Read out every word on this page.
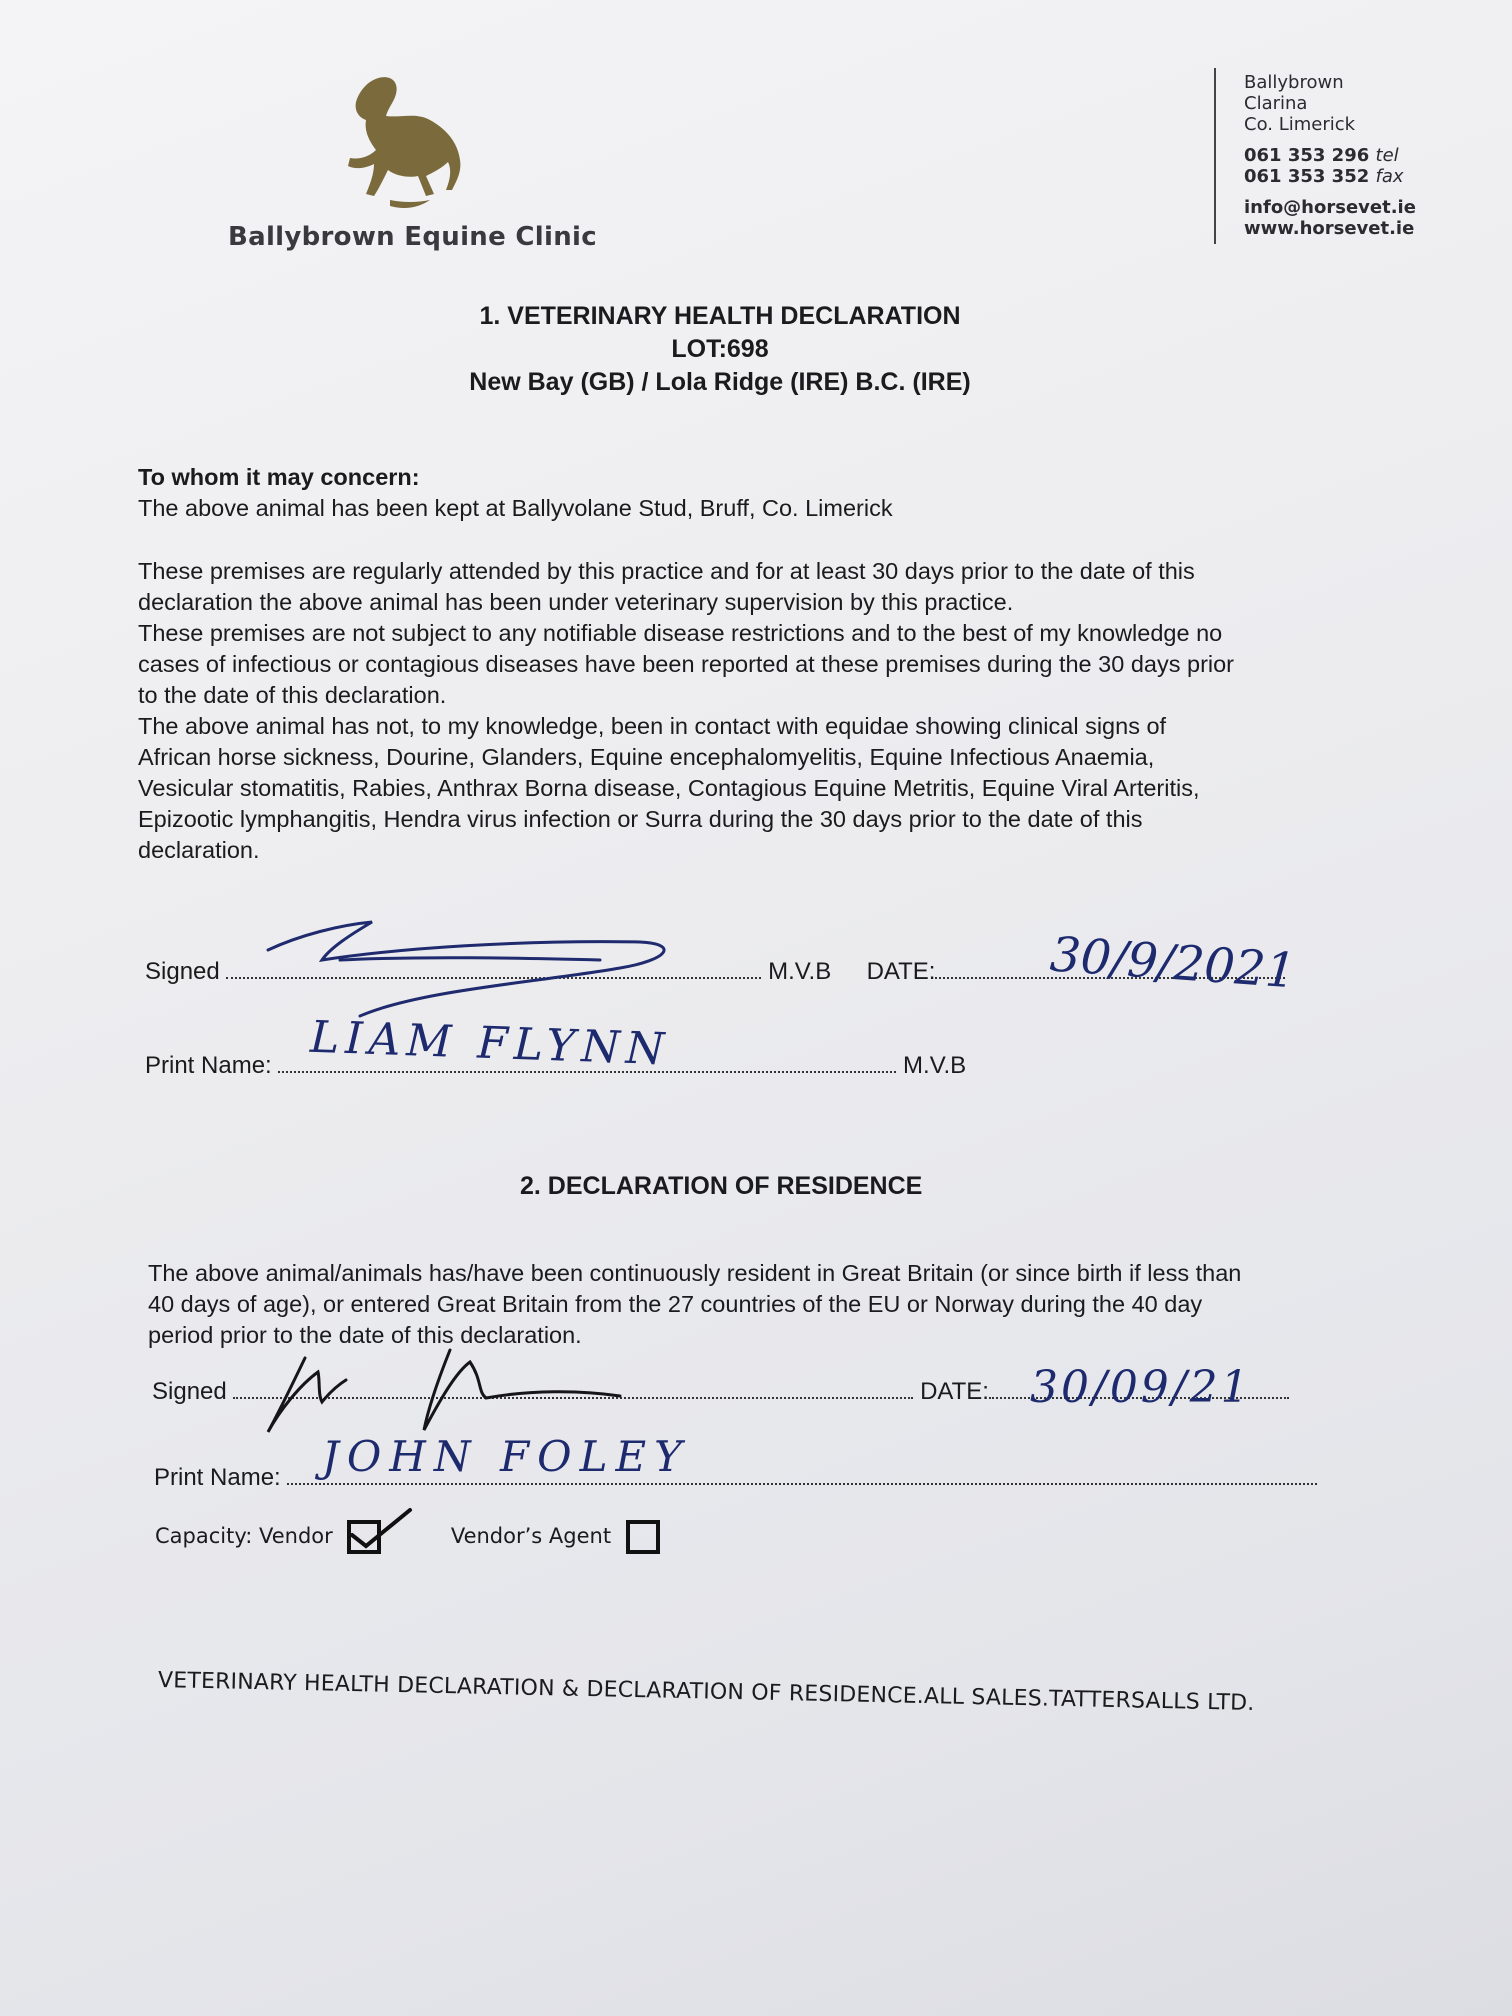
Ballybrown Equine Clinic
Ballybrown
Clarina
Co. Limerick
061 353 296 tel
061 353 352 fax
info@horsevet.ie
www.horsevet.ie
1. VETERINARY HEALTH DECLARATION
LOT:698
New Bay (GB) / Lola Ridge (IRE) B.C. (IRE)
To whom it may concern:
The above animal has been kept at Ballyvolane Stud, Bruff, Co. Limerick
These premises are regularly attended by this practice and for at least 30 days prior to the date of this
declaration the above animal has been under veterinary supervision by this practice.
These premises are not subject to any notifiable disease restrictions and to the best of my knowledge no
cases of infectious or contagious diseases have been reported at these premises during the 30 days prior
to the date of this declaration.
The above animal has not, to my knowledge, been in contact with equidae showing clinical signs of
African horse sickness, Dourine, Glanders, Equine encephalomyelitis, Equine Infectious Anaemia,
Vesicular stomatitis, Rabies, Anthrax Borna disease, Contagious Equine Metritis, Equine Viral Arteritis,
Epizootic lymphangitis, Hendra virus infection or Surra during the 30 days prior to the date of this
declaration.
Signed	M.V.B DATE:	30/9/2021
Print Name:	M.V.B
LIAM FLYNN
2. DECLARATION OF RESIDENCE
The above animal/animals has/have been continuously resident in Great Britain (or since birth if less than
40 days of age), or entered Great Britain from the 27 countries of the EU or Norway during the 40 day
period prior to the date of this declaration.
Signed	DATE: 30/09/21
Print Name: JOHN FOLEY
Capacity: Vendor	Vendor’s Agent
VETERINARY HEALTH DECLARATION & DECLARATION OF RESIDENCE.ALL SALES.TATTERSALLS LTD.
